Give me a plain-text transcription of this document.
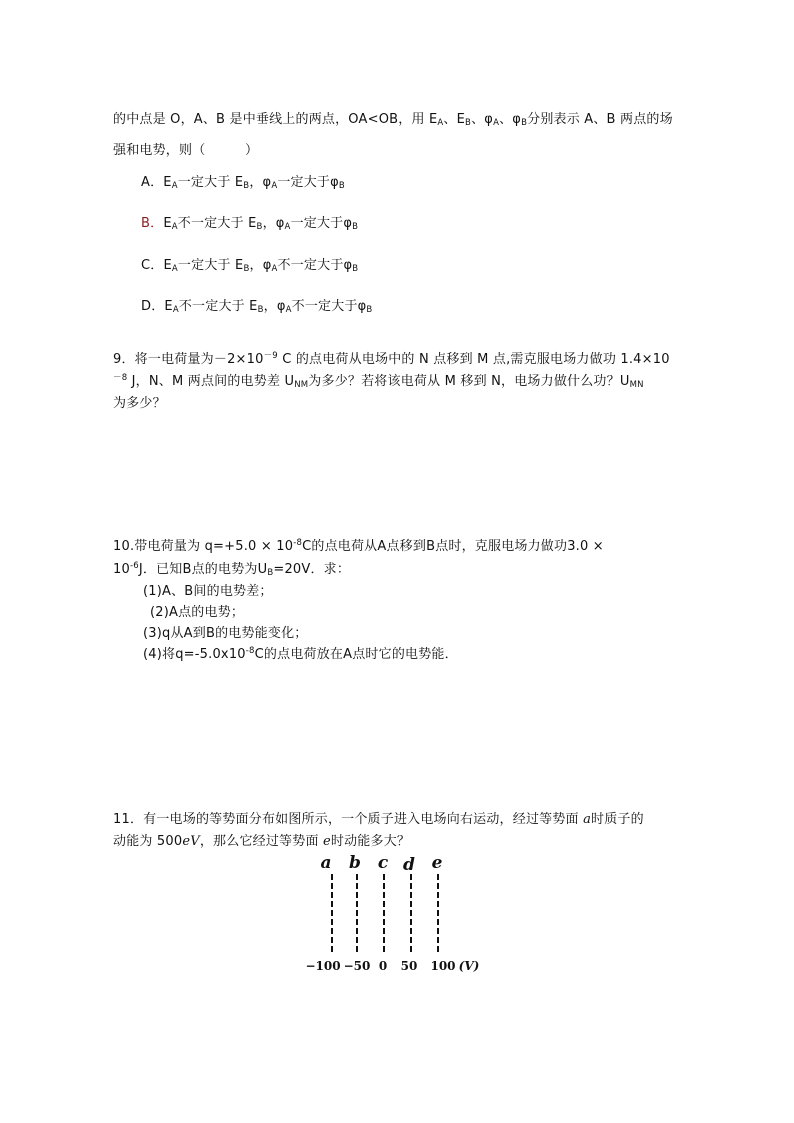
的中点是 O，A、B 是中垂线上的两点，OA<OB，用 $E_A$、$E_B$、$\varphi_A$、$\varphi_B$分别表示 A、B 两点的场
强和电势，则（　　　）
A．$E_A$一定大于 $E_B$，$\varphi_A$一定大于$\varphi_B$
B．$E_A$不一定大于 $E_B$，$\varphi_A$一定大于$\varphi_B$
C．$E_A$一定大于 $E_B$，$\varphi_A$不一定大于$\varphi_B$
D．$E_A$不一定大于 $E_B$，$\varphi_A$不一定大于$\varphi_B$
9．将一电荷量为$-2\times 10^{-9}$ C 的点电荷从电场中的 N 点移到 M 点,需克服电场力做功 1.4×10
$^{-8}$ J，N、M 两点间的电势差 $U_{NM}$为多少？若将该电荷从 M 移到 N，电场力做什么功？$U_{MN}$
为多少？
10.带电荷量为 $q=+5.0 \times 10^{-8}C$的点电荷从A点移到B点时，克服电场力做功3.0 ×
$10^{-6}J$．已知B点的电势为$U_B=20V$．求：
(1)A、B间的电势差；
(2)A点的电势；
(3)q从A到B的电势能变化；
(4)将$q=-5.0x10^{-8}C$的点电荷放在A点时它的电势能．
11．有一电场的等势面分布如图所示，一个质子进入电场向右运动，经过等势面 a时质子的
动能为 500eV，那么它经过等势面 e时动能多大？
a b c d e
−100 −50 0 50 100 (V)
